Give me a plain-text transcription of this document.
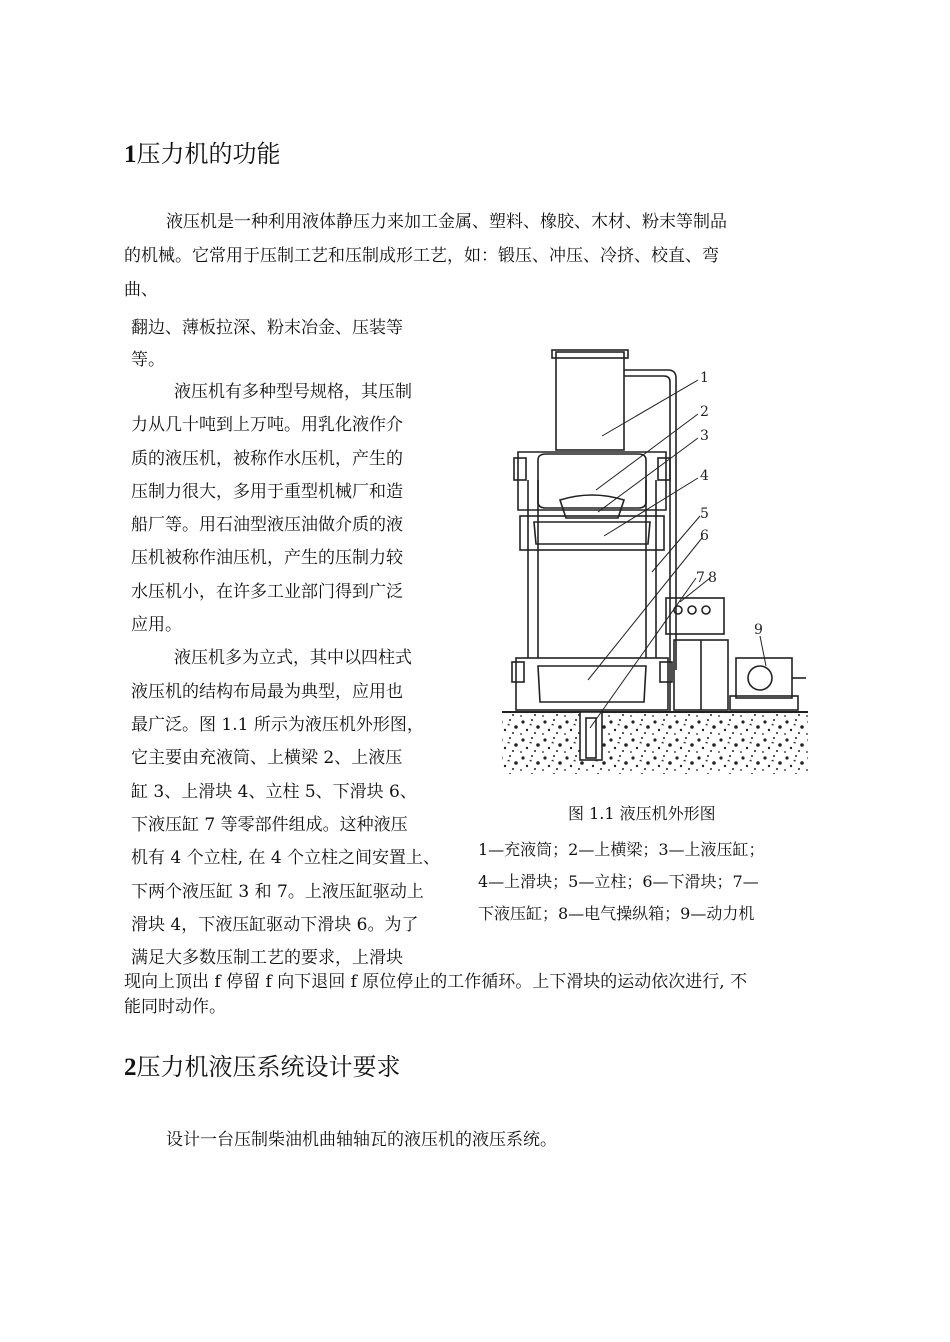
1压力机的功能
液压机是一种利用液体静压力来加工金属、塑料、橡胶、木材、粉末等制品
的机械。它常用于压制工艺和压制成形工艺，如：锻压、冲压、冷挤、校直、弯
曲、
翻边、薄板拉深、粉末冶金、压装等
等。
液压机有多种型号规格，其压制
力从几十吨到上万吨。用乳化液作介
质的液压机，被称作水压机，产生的
压制力很大，多用于重型机械厂和造
船厂等。用石油型液压油做介质的液
压机被称作油压机，产生的压制力较
水压机小，在许多工业部门得到广泛
应用。
液压机多为立式，其中以四柱式
液压机的结构布局最为典型，应用也
最广泛。图 1.1 所示为液压机外形图，
它主要由充液筒、上横梁 2、上液压
缸 3、上滑块 4、立柱 5、下滑块 6、
下液压缸 7 等零部件组成。这种液压
机有 4 个立柱, 在 4 个立柱之间安置上、
下两个液压缸 3 和 7。上液压缸驱动上
滑块 4，下液压缸驱动下滑块 6。为了
满足大多数压制工艺的要求，上滑块
1
2
3
4
5
6
7 8
9
图 1.1 液压机外形图
1—充液筒；2—上横梁；3—上液压缸；
4—上滑块；5—立柱；6—下滑块；7—
下液压缸；8—电气操纵箱；9—动力机
现向上顶出 f 停留 f 向下退回 f 原位停止的工作循环。上下滑块的运动依次进行, 不
能同时动作。
2压力机液压系统设计要求
设计一台压制柴油机曲轴轴瓦的液压机的液压系统。
